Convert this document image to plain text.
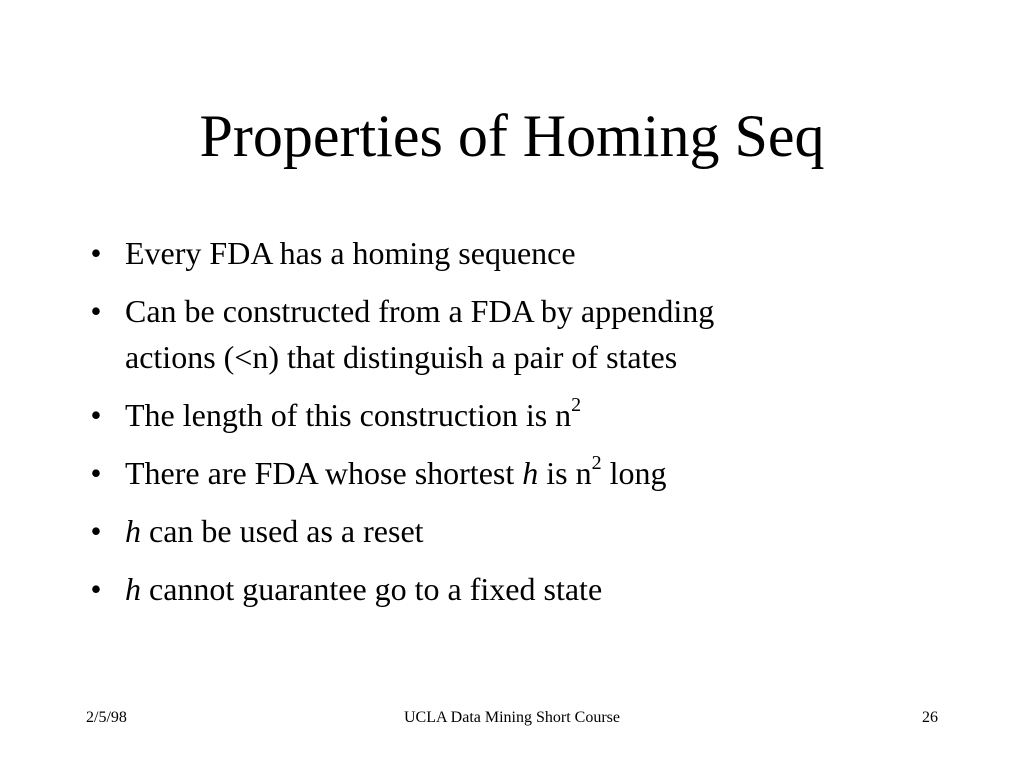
Properties of Homing Seq
• Every FDA has a homing sequence
• Can be constructed from a FDA by appending
actions (<n) that distinguish a pair of states
• The length of this construction is $n^2$
• There are FDA whose shortest h is $n^2$ long
• h can be used as a reset
• h cannot guarantee go to a fixed state
2/5/98	UCLA Data Mining Short Course	26
